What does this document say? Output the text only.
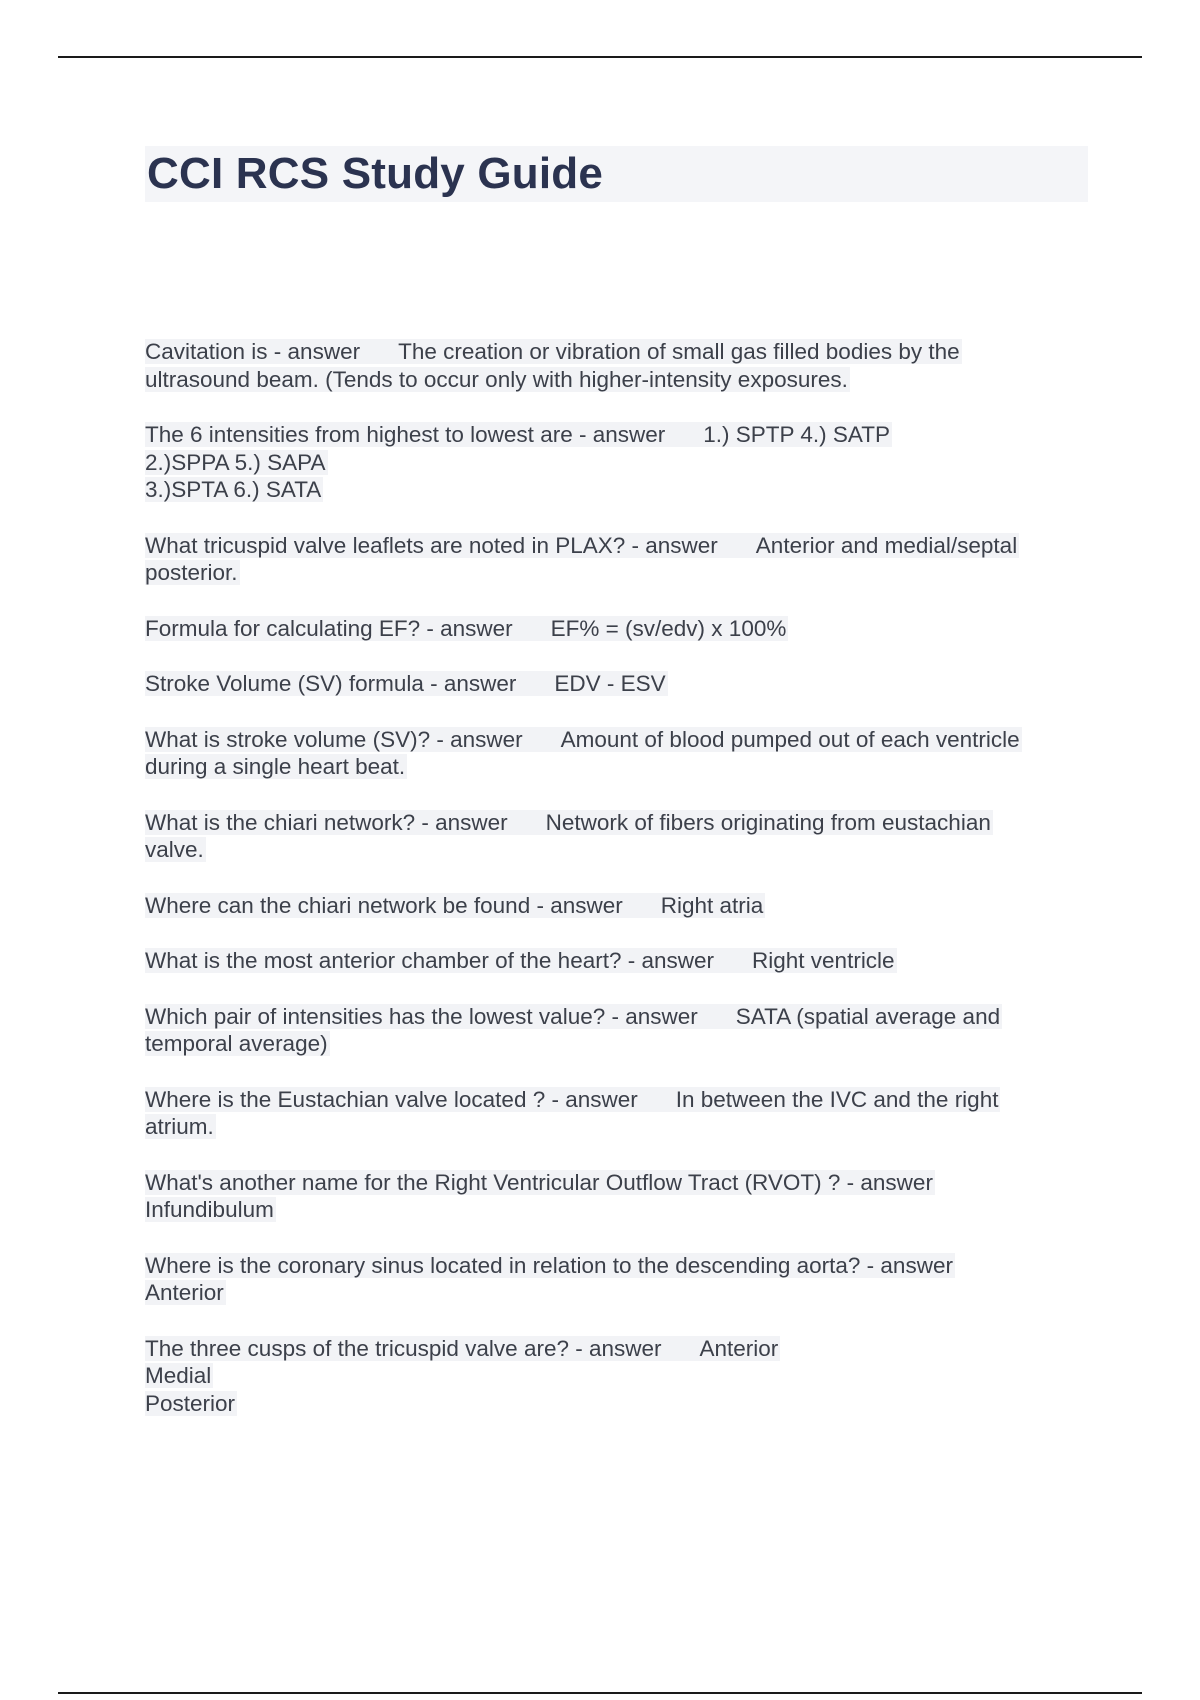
CCI RCS Study Guide
Cavitation is - answer The creation or vibration of small gas filled bodies by the
ultrasound beam. (Tends to occur only with higher-intensity exposures.
The 6 intensities from highest to lowest are - answer 1.) SPTP 4.) SATP
2.)SPPA 5.) SAPA
3.)SPTA 6.) SATA
What tricuspid valve leaflets are noted in PLAX? - answer Anterior and medial/septal
posterior.
Formula for calculating EF? - answer EF% = (sv/edv) x 100%
Stroke Volume (SV) formula - answer EDV - ESV
What is stroke volume (SV)? - answer Amount of blood pumped out of each ventricle
during a single heart beat.
What is the chiari network? - answer Network of fibers originating from eustachian
valve.
Where can the chiari network be found - answer Right atria
What is the most anterior chamber of the heart? - answer Right ventricle
Which pair of intensities has the lowest value? - answer SATA (spatial average and
temporal average)
Where is the Eustachian valve located ? - answer In between the IVC and the right
atrium.
What's another name for the Right Ventricular Outflow Tract (RVOT) ? - answer
Infundibulum
Where is the coronary sinus located in relation to the descending aorta? - answer
Anterior
The three cusps of the tricuspid valve are? - answer Anterior
Medial
Posterior
